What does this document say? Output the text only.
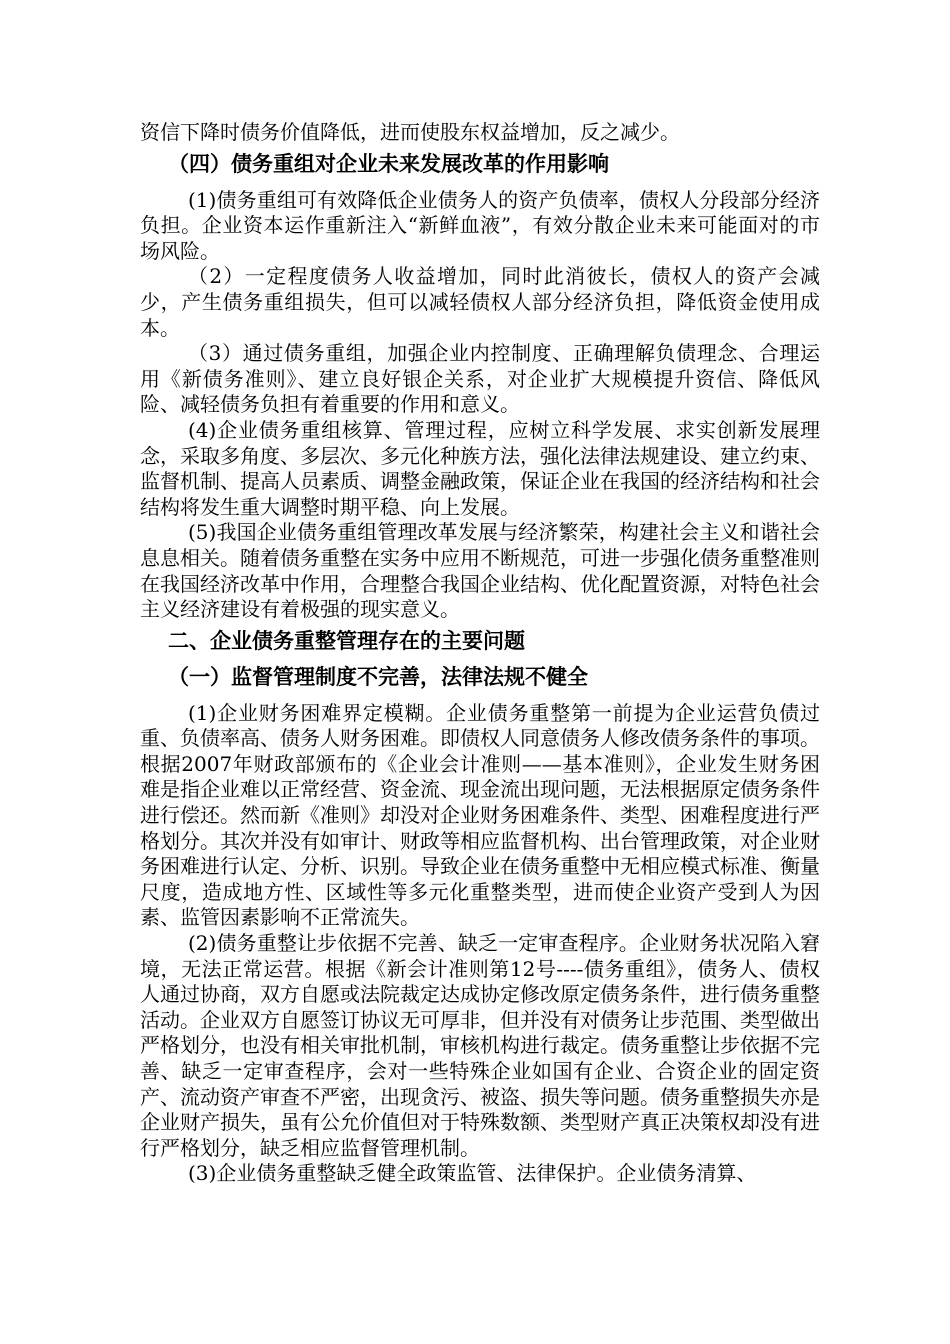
资信下降时债务价值降低，进而使股东权益增加，反之减少。

（四）债务重组对企业未来发展改革的作用影响

(1)债务重组可有效降低企业债务人的资产负债率，债权人分段部分经济负担。企业资本运作重新注入“新鲜血液”，有效分散企业未来可能面对的市场风险。

（2）一定程度债务人收益增加，同时此消彼长，债权人的资产会减少，产生债务重组损失，但可以减轻债权人部分经济负担，降低资金使用成本。

（3）通过债务重组，加强企业内控制度、正确理解负债理念、合理运用《新债务准则》、建立良好银企关系，对企业扩大规模提升资信、降低风险、减轻债务负担有着重要的作用和意义。

(4)企业债务重组核算、管理过程，应树立科学发展、求实创新发展理念，采取多角度、多层次、多元化种族方法，强化法律法规建设、建立约束、监督机制、提高人员素质、调整金融政策，保证企业在我国的经济结构和社会结构将发生重大调整时期平稳、向上发展。

(5)我国企业债务重组管理改革发展与经济繁荣，构建社会主义和谐社会息息相关。随着债务重整在实务中应用不断规范，可进一步强化债务重整准则在我国经济改革中作用，合理整合我国企业结构、优化配置资源，对特色社会主义经济建设有着极强的现实意义。

二、企业债务重整管理存在的主要问题
（一）监督管理制度不完善，法律法规不健全

(1)企业财务困难界定模糊。企业债务重整第一前提为企业运营负债过重、负债率高、债务人财务困难。即债权人同意债务人修改债务条件的事项。根据2007年财政部颁布的《企业会计准则——基本准则》，企业发生财务困难是指企业难以正常经营、资金流、现金流出现问题，无法根据原定债务条件进行偿还。然而新《准则》却没对企业财务困难条件、类型、困难程度进行严格划分。其次并没有如审计、财政等相应监督机构、出台管理政策，对企业财务困难进行认定、分析、识别。导致企业在债务重整中无相应模式标准、衡量尺度，造成地方性、区域性等多元化重整类型，进而使企业资产受到人为因素、监管因素影响不正常流失。

(2)债务重整让步依据不完善、缺乏一定审查程序。企业财务状况陷入窘境，无法正常运营。根据《新会计准则第12号----债务重组》，债务人、债权人通过协商，双方自愿或法院裁定达成协定修改原定债务条件，进行债务重整活动。企业双方自愿签订协议无可厚非，但并没有对债务让步范围、类型做出严格划分，也没有相关审批机制，审核机构进行裁定。债务重整让步依据不完善、缺乏一定审查程序，会对一些特殊企业如国有企业、合资企业的固定资产、流动资产审查不严密，出现贪污、被盗、损失等问题。债务重整损失亦是企业财产损失，虽有公允价值但对于特殊数额、类型财产真正决策权却没有进行严格划分，缺乏相应监督管理机制。

(3)企业债务重整缺乏健全政策监管、法律保护。企业债务清算、
